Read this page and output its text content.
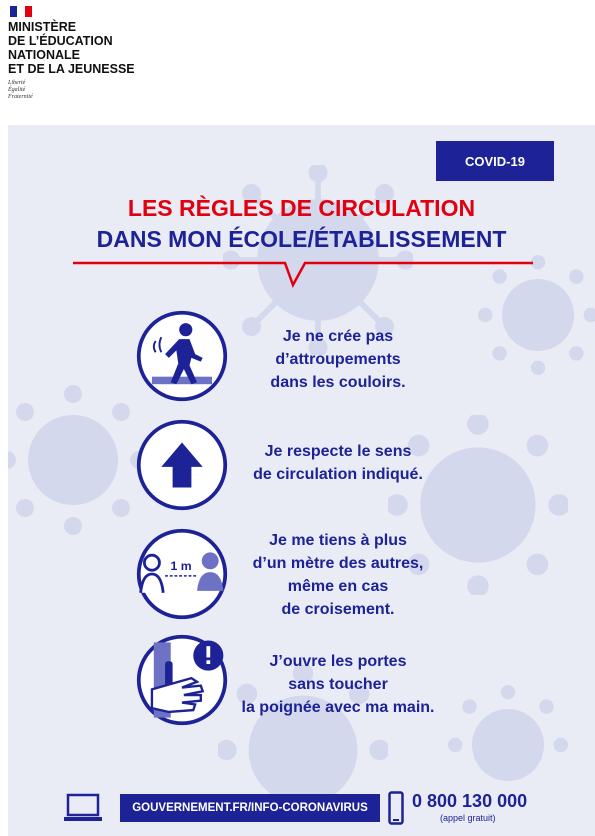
MINISTÈRE
DE L’ÉDUCATION
NATIONALE
ET DE LA JEUNESSE
Liberté
Égalité
Fraternité
COVID-19
LES RÈGLES DE CIRCULATION
DANS MON ÉCOLE/ÉTABLISSEMENT
Je ne crée pas
d’attroupements
dans les couloirs.
Je respecte le sens
de circulation indiqué.
1 m
Je me tiens à plus
d’un mètre des autres,
même en cas
de croisement.
J’ouvre les portes
sans toucher
la poignée avec ma main.
GOUVERNEMENT.FR/INFO-CORONAVIRUS	0 800 130 000
(appel gratuit)
